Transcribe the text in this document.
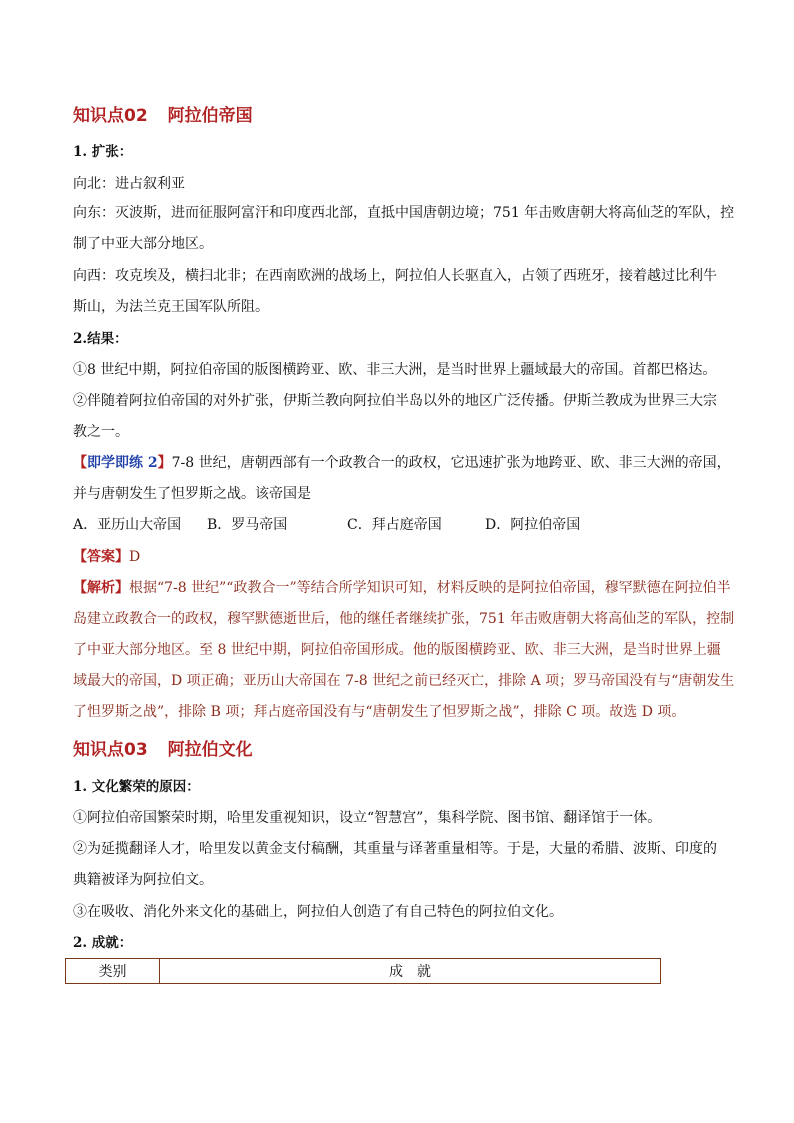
知识点02 阿拉伯帝国
1. 扩张：
向北：进占叙利亚
向东：灭波斯，进而征服阿富汗和印度西北部，直抵中国唐朝边境；751 年击败唐朝大将高仙芝的军队，控
制了中亚大部分地区。
向西：攻克埃及，横扫北非；在西南欧洲的战场上，阿拉伯人长驱直入，占领了西班牙，接着越过比利牛
斯山，为法兰克王国军队所阻。
2.结果：
①8 世纪中期，阿拉伯帝国的版图横跨亚、欧、非三大洲，是当时世界上疆域最大的帝国。首都巴格达。
②伴随着阿拉伯帝国的对外扩张，伊斯兰教向阿拉伯半岛以外的地区广泛传播。伊斯兰教成为世界三大宗
教之一。
【即学即练 2】7-8 世纪，唐朝西部有一个政教合一的政权，它迅速扩张为地跨亚、欧、非三大洲的帝国，
并与唐朝发生了怛罗斯之战。该帝国是
A．亚历山大帝国 B．罗马帝国	C．拜占庭帝国	D．阿拉伯帝国
【答案】D
【解析】根据“7-8 世纪”“政教合一”等结合所学知识可知，材料反映的是阿拉伯帝国，穆罕默德在阿拉伯半
岛建立政教合一的政权，穆罕默德逝世后，他的继任者继续扩张，751 年击败唐朝大将高仙芝的军队，控制
了中亚大部分地区。至 8 世纪中期，阿拉伯帝国形成。他的版图横跨亚、欧、非三大洲，是当时世界上疆
域最大的帝国，D 项正确；亚历山大帝国在 7-8 世纪之前已经灭亡，排除 A 项；罗马帝国没有与“唐朝发生
了怛罗斯之战”，排除 B 项；拜占庭帝国没有与“唐朝发生了怛罗斯之战”，排除 C 项。故选 D 项。
知识点03 阿拉伯文化
1. 文化繁荣的原因：
①阿拉伯帝国繁荣时期，哈里发重视知识，设立“智慧宫”，集科学院、图书馆、翻译馆于一体。
②为延揽翻译人才，哈里发以黄金支付稿酬，其重量与译著重量相等。于是，大量的希腊、波斯、印度的
典籍被译为阿拉伯文。
③在吸收、消化外来文化的基础上，阿拉伯人创造了有自己特色的阿拉伯文化。
2. 成就：
类别	成　就
